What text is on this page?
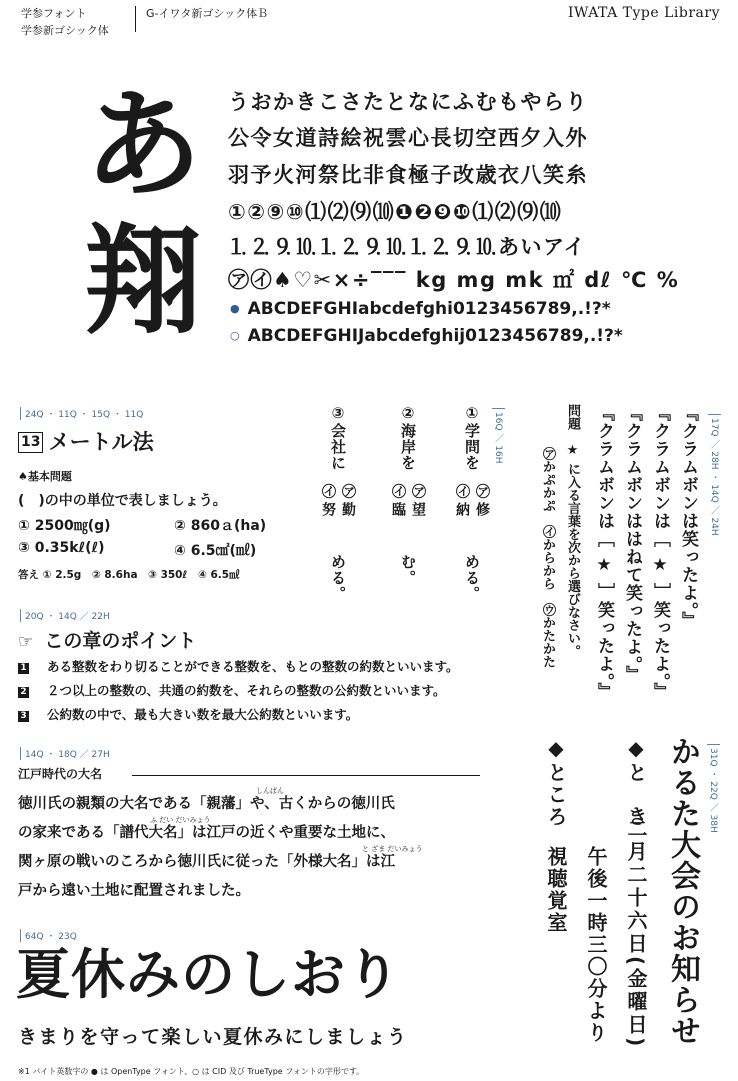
学参フォント
学参新ゴシック体
G-イワタ新ゴシック体Ｂ	IWATA Type Library
あ
翔
うおかきこさたとなにふむもやらり
公令女道詩絵祝雲心長切空西夕入外
羽予火河祭比非食極子改歳衣八笑糸
①②⑨⑩⑴⑵⑼⑽❶❷❾❿⑴⑵⑼⑽
⒈⒉⒐⒑⒈⒉⒐⒑⒈⒉⒐⒑あいアイ
㋐㋑♠♡✂×÷‾‾‾ kg mg mk ㎡ dℓ ℃ %
● ABCDEFGHIabcdefghi0123456789,.!?*
○ ABCDEFGHIJabcdefghij0123456789,.!?*
24Q ・ 11Q ・ 15Q ・ 11Q
13 メートル法
♠基本問題
(　)の中の単位で表しましょう。
① 2500㎎(g)	② 860ａ(ha)
③ 0.35kℓ(ℓ)	④ 6.5㎠(㎖)
答え ① 2.5g　② 8.6ha　③ 350ℓ　④ 6.5㎖
16Q ／ 16H
①学問を
㋐修
㋑納
める。
②海岸を
㋐望
㋑臨
む。
③会社に
㋐勤
㋑努
める。
20Q ・ 14Q ／ 22H
☞ この章のポイント
1 ある整数をわり切ることができる整数を、もとの整数の約数といいます。
2 ２つ以上の整数の、共通の約数を、それらの整数の公約数といいます。
3 公約数の中で、最も大きい数を最大公約数といいます。
14Q ・ 18Q ／ 27H
江戸時代の大名
しんぱん
ふ だい だいみょう
と ざま だいみょう
徳川氏の親類の大名である「親藩」や、古くからの徳川氏
の家来である「譜代大名」は江戸の近くや重要な土地に、
関ヶ原の戦いのころから徳川氏に従った「外様大名」は江
戸から遠い土地に配置されました。
64Q ・ 23Q
夏休みのしおり
きまりを守って楽しい夏休みにしましょう
17Q ／ 28H ・ 14Q ／ 24H
『クラムボンは笑ったよ。』
『クラムボンは［ ★ ］笑ったよ。』
『クラムボンははねて笑ったよ。』
『クラムボンは［ ★ ］笑ったよ。』
問題　★ に入る言葉を次から選びなさい。
㋐かぷかぷ　㋑からから　㋒かたかた
31Q ・ 22Q ／ 38H
かるた大会のお知らせ
◆と　き
二月二十六日(金曜日)
午後一時三〇分より
◆ところ
視聴覚室
※1 バイト英数字の ● は OpenType フォント、○ は CID 及び TrueType フォントの字形です。
